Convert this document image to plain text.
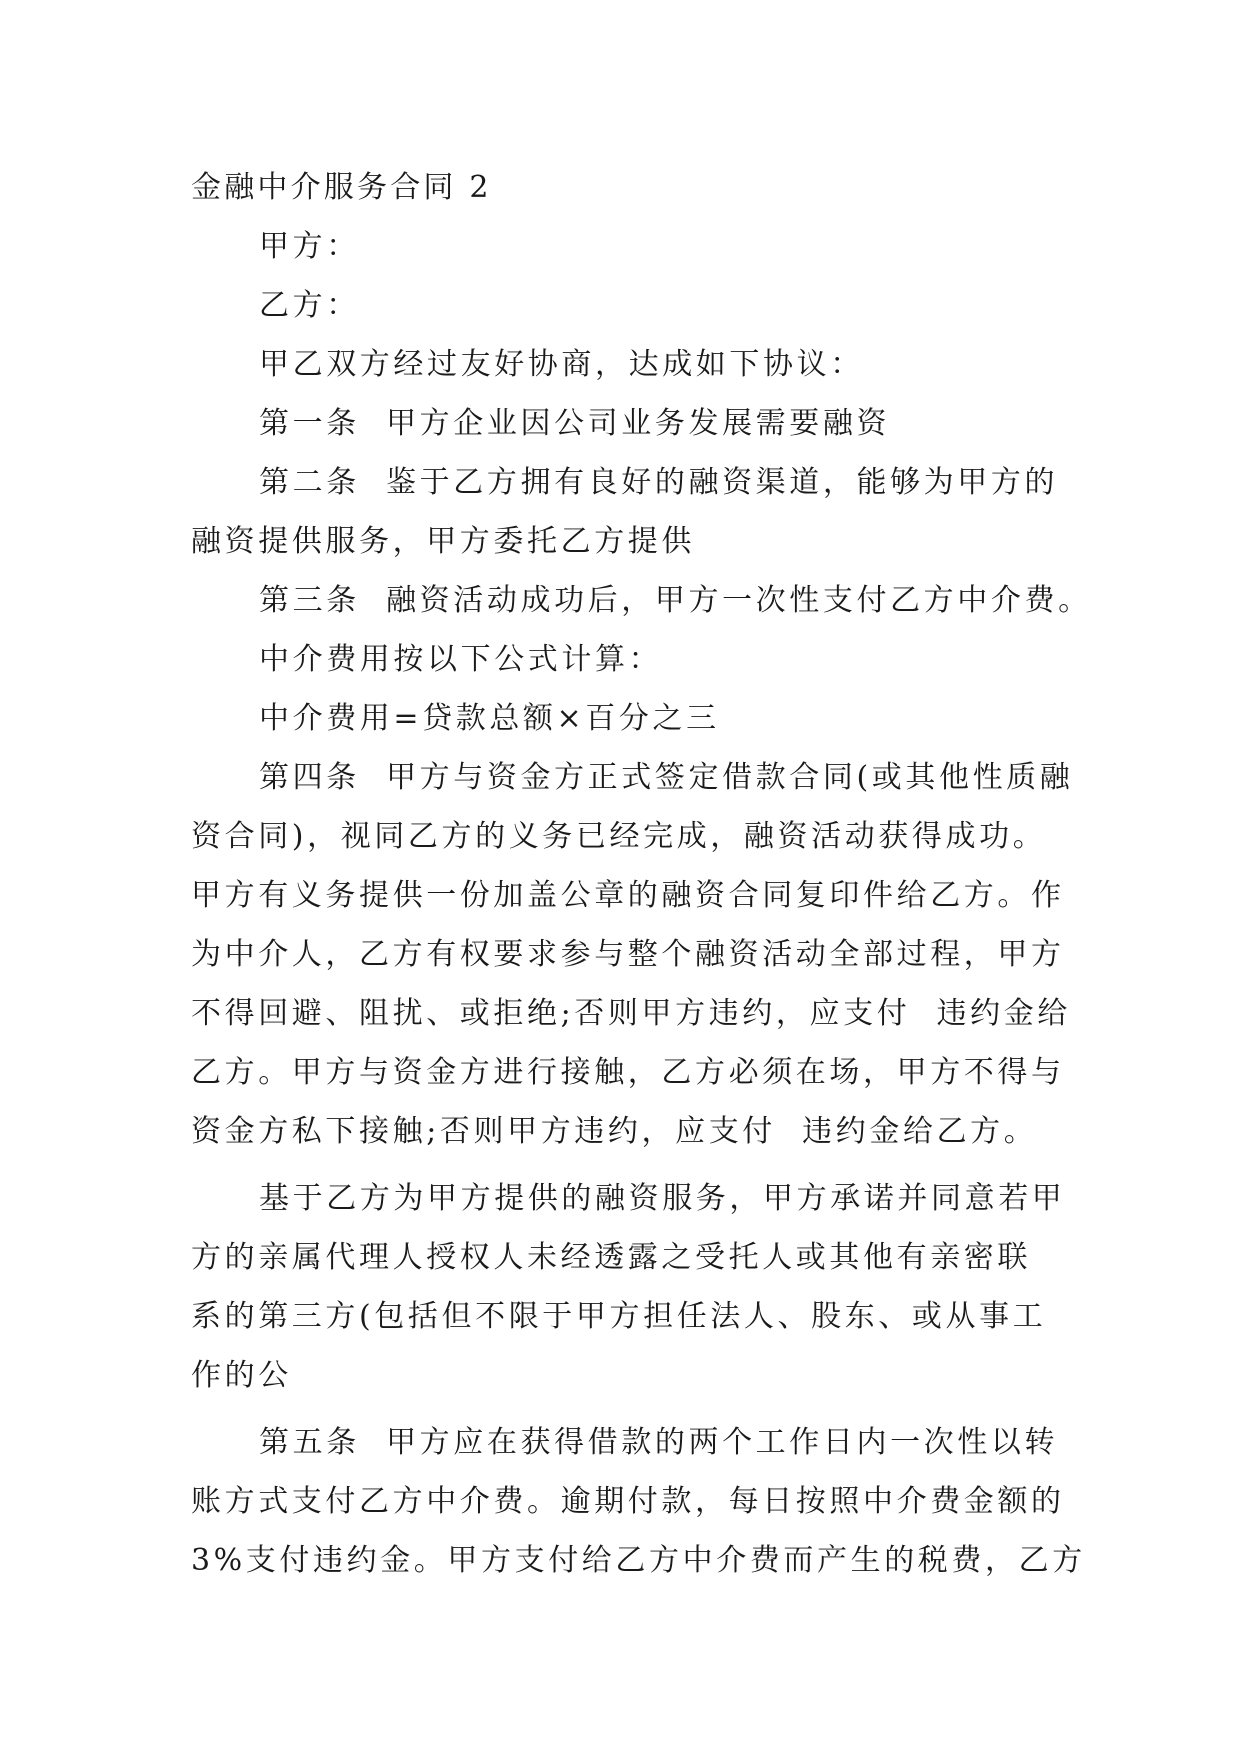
金融中介服务合同 2
甲方：
乙方：
甲乙双方经过友好协商，达成如下协议：
第一条  甲方企业因公司业务发展需要融资
第二条  鉴于乙方拥有良好的融资渠道，能够为甲方的
融资提供服务，甲方委托乙方提供
第三条  融资活动成功后，甲方一次性支付乙方中介费。
中介费用按以下公式计算：
中介费用=贷款总额×百分之三
第四条  甲方与资金方正式签定借款合同(或其他性质融
资合同)，视同乙方的义务已经完成，融资活动获得成功。
甲方有义务提供一份加盖公章的融资合同复印件给乙方。作
为中介人，乙方有权要求参与整个融资活动全部过程，甲方
不得回避、阻扰、或拒绝;否则甲方违约，应支付  违约金给
乙方。甲方与资金方进行接触，乙方必须在场，甲方不得与
资金方私下接触;否则甲方违约，应支付  违约金给乙方。
基于乙方为甲方提供的融资服务，甲方承诺并同意若甲
方的亲属代理人授权人未经透露之受托人或其他有亲密联
系的第三方(包括但不限于甲方担任法人、股东、或从事工
作的公
第五条  甲方应在获得借款的两个工作日内一次性以转
账方式支付乙方中介费。逾期付款，每日按照中介费金额的
3%支付违约金。甲方支付给乙方中介费而产生的税费，乙方
